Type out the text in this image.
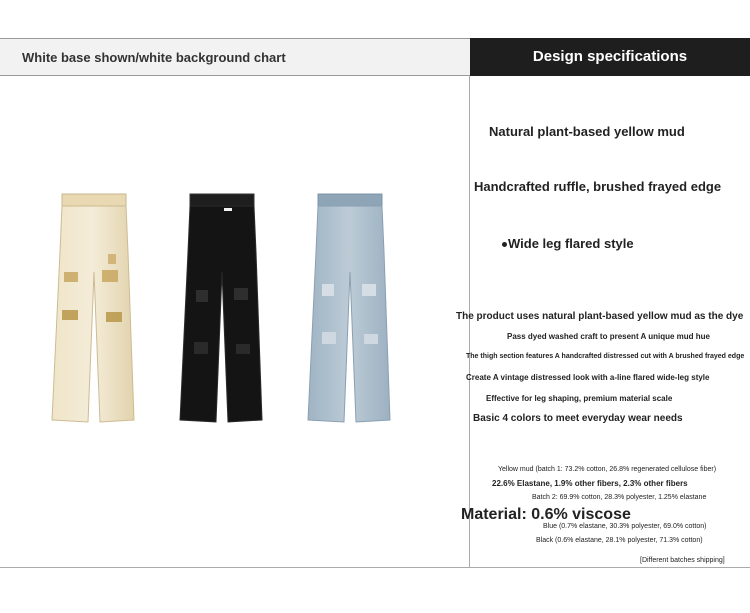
White base shown/white background chart	Design specifications
Natural plant-based yellow mud
Handcrafted ruffle, brushed frayed edge
Wide leg flared style
The product uses natural plant-based yellow mud as the dye
Pass dyed washed craft to present A unique mud hue
The thigh section features A handcrafted distressed cut with A brushed frayed edge
Create A vintage distressed look with a-line flared wide-leg style
Effective for leg shaping, premium material scale
Basic 4 colors to meet everyday wear needs
Yellow mud (batch 1: 73.2% cotton, 26.8% regenerated cellulose fiber)
22.6% Elastane, 1.9% other fibers, 2.3% other fibers
Batch 2: 69.9% cotton, 28.3% polyester, 1.25% elastane
Material: 0.6% viscose
Blue (0.7% elastane, 30.3% polyester, 69.0% cotton)
Black (0.6% elastane, 28.1% polyester, 71.3% cotton)
[Different batches shipping]
